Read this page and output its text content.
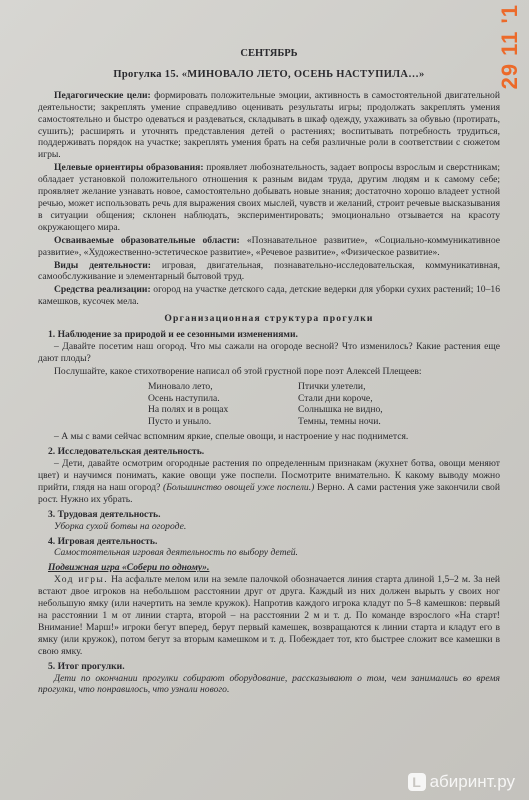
29 11 '1
СЕНТЯБРЬ
Прогулка 15. «МИНОВАЛО ЛЕТО, ОСЕНЬ НАСТУПИЛА…»

Педагогические цели: формировать положительные эмоции, активность в самостоятельной двигательной деятельности; закреплять умение справедливо оценивать результаты игры; продолжать закреплять умения самостоятельно и быстро одеваться и раздеваться, складывать в шкаф одежду, ухаживать за обувью (протирать, сушить); расширять и уточнять представления детей о растениях; воспитывать потребность трудиться, поддерживать порядок на участке; закреплять умения брать на себя различные роли в соответствии с сюжетом игры.

Целевые ориентиры образования: проявляет любознательность, задает вопросы взрослым и сверстникам; обладает установкой положительного отношения к разным видам труда, другим людям и к самому себе; проявляет желание узнавать новое, самостоятельно добывать новые знания; достаточно хорошо владеет устной речью, может использовать речь для выражения своих мыслей, чувств и желаний, строит речевые высказывания в ситуации общения; склонен наблюдать, экспериментировать; эмоционально отзывается на красоту окружающего мира.

Осваиваемые образовательные области: «Познавательное развитие», «Социально-коммуникативное развитие», «Художественно-эстетическое развитие», «Речевое развитие», «Физическое развитие».

Виды деятельности: игровая, двигательная, познавательно-исследовательская, коммуникативная, самообслуживание и элементарный бытовой труд.

Средства реализации: огород на участке детского сада, детские ведерки для уборки сухих растений; 10–16 камешков, кусочек мела.

Организационная структура прогулки
1. Наблюдение за природой и ее сезонными изменениями.

– Давайте посетим наш огород. Что мы сажали на огороде весной? Что изменилось? Какие растения еще дают плоды?

Послушайте, какое стихотворение написал об этой грустной поре поэт Алексей Плещеев:

Миновало лето,	Птички улетели,
Осень наступила.	Стали дни короче,
На полях и в рощах	Солнышка не видно,
Пусто и уныло.	Темны, темны ночи.

– А мы с вами сейчас вспомним яркие, спелые овощи, и настроение у нас поднимется.

2. Исследовательская деятельность.

– Дети, давайте осмотрим огородные растения по определенным признакам (жухнет ботва, овощи меняют цвет) и научимся понимать, какие овощи уже поспели. Посмотрите внимательно. К какому выводу можно прийти, глядя на наш огород? (Большинство овощей уже поспели.) Верно. А сами растения уже закончили свой рост. Нужно их убрать.

3. Трудовая деятельность.

Уборка сухой ботвы на огороде.

4. Игровая деятельность.

Самостоятельная игровая деятельность по выбору детей.

Подвижная игра «Собери по одному».

Ход игры. На асфальте мелом или на земле палочкой обозначается линия старта длиной 1,5–2 м. За ней встают двое игроков на небольшом расстоянии друг от друга. Каждый из них должен вырыть у своих ног небольшую ямку (или начертить на земле кружок). Напротив каждого игрока кладут по 5–8 камешков: первый на расстоянии 1 м от линии старта, второй – на расстоянии 2 м и т. д. По команде взрослого «На старт! Внимание! Марш!» игроки бегут вперед, берут первый камешек, возвращаются к линии старта и кладут его в ямку (или кружок), потом бегут за вторым камешком и т. д. Побеждает тот, кто быстрее сложит все камешки в свою ямку.

5. Итог прогулки.

Дети по окончании прогулки собирают оборудование, рассказывают о том, чем занимались во время прогулки, что понравилось, что узнали нового.

L абиринт.ру
